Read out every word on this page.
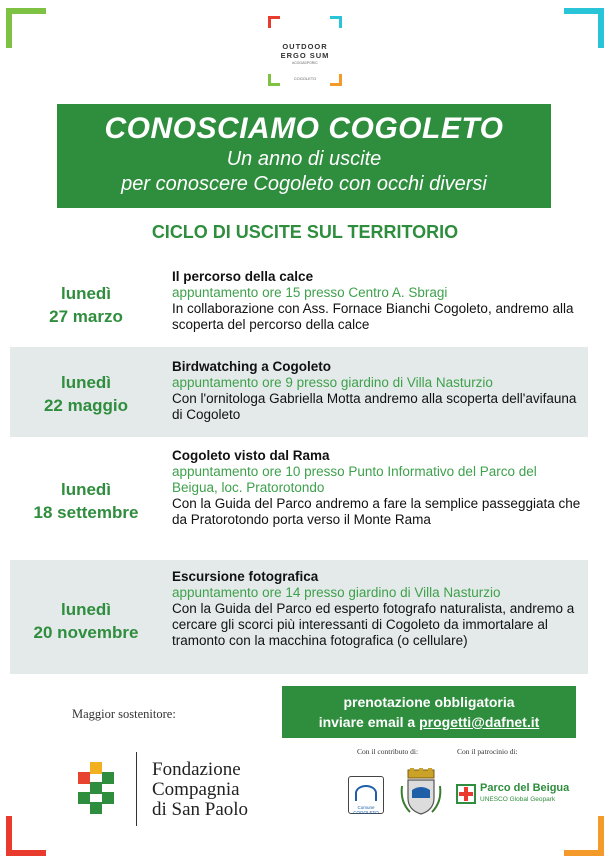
OUTDOOR
ERGO SUM
#COGASPORIC
COGOLETO
CONOSCIAMO COGOLETO
Un anno di uscite
per conoscere Cogoleto con occhi diversi
CICLO DI USCITE SUL TERRITORIO
lunedì
27 marzo
Il percorso della calce
appuntamento ore 15 presso Centro A. Sbragi
In collaborazione con Ass. Fornace Bianchi Cogoleto, andremo alla scoperta del percorso della calce
lunedì
22 maggio
Birdwatching a Cogoleto
appuntamento ore 9 presso giardino di Villa Nasturzio
Con l'ornitologa Gabriella Motta andremo alla scoperta dell'avifauna di Cogoleto
lunedì
18 settembre
Cogoleto visto dal Rama
appuntamento ore 10 presso Punto Informativo del Parco del Beigua, loc. Pratorotondo
Con la Guida del Parco andremo a fare la semplice passeggiata che da Pratorotondo porta verso il Monte Rama
lunedì
20 novembre
Escursione fotografica
appuntamento ore 14 presso giardino di Villa Nasturzio
Con la Guida del Parco ed esperto fotografo naturalista, andremo a cercare gli scorci più interessanti di Cogoleto da immortalare al tramonto con la macchina fotografica (o cellulare)
prenotazione obbligatoria
inviare email a progetti@dafnet.it
Maggior sostenitore:
Fondazione
Compagnia
di San Paolo
Con il contributo di:	Con il patrocinio di:
Comune COGOLETO
Parco del Beigua
UNESCO Global Geopark
